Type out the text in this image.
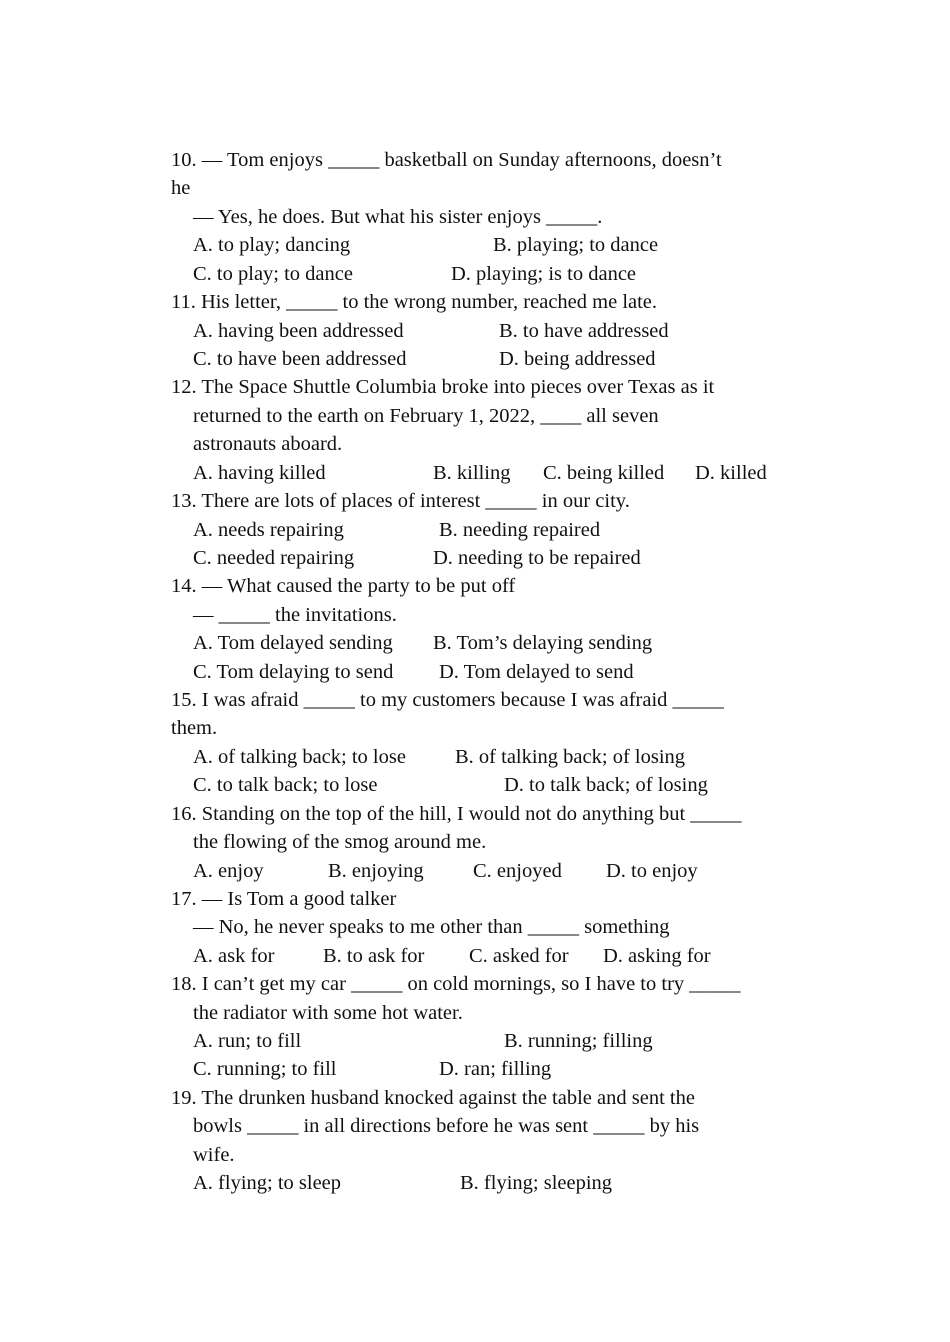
10. — Tom enjoys _____ basketball on Sunday afternoons, doesn’t
he
— Yes, he does. But what his sister enjoys _____.
A. to play; dancing	B. playing; to dance
C. to play; to dance	D. playing; is to dance
11. His letter, _____ to the wrong number, reached me late.
A. having been addressed	B. to have addressed
C. to have been addressed	D. being addressed
12. The Space Shuttle Columbia broke into pieces over Texas as it
returned to the earth on February 1, 2022, ____ all seven
astronauts aboard.
A. having killed	B. killing C. being killed D. killed
13. There are lots of places of interest _____ in our city.
A. needs repairing	B. needing repaired
C. needed repairing	D. needing to be repaired
14. — What caused the party to be put off
— _____ the invitations.
A. Tom delayed sending B. Tom’s delaying sending
C. Tom delaying to send D. Tom delayed to send
15. I was afraid _____ to my customers because I was afraid _____
them.
A. of talking back; to lose B. of talking back; of losing
C. to talk back; to lose	D. to talk back; of losing
16. Standing on the top of the hill, I would not do anything but _____
the flowing of the smog around me.
A. enjoy	B. enjoying C. enjoyed D. to enjoy
17. — Is Tom a good talker
— No, he never speaks to me other than _____ something
A. ask for B. to ask for C. asked for D. asking for
18. I can’t get my car _____ on cold mornings, so I have to try _____
the radiator with some hot water.
A. run; to fill	B. running; filling
C. running; to fill	D. ran; filling
19. The drunken husband knocked against the table and sent the
bowls _____ in all directions before he was sent _____ by his
wife.
A. flying; to sleep	B. flying; sleeping
